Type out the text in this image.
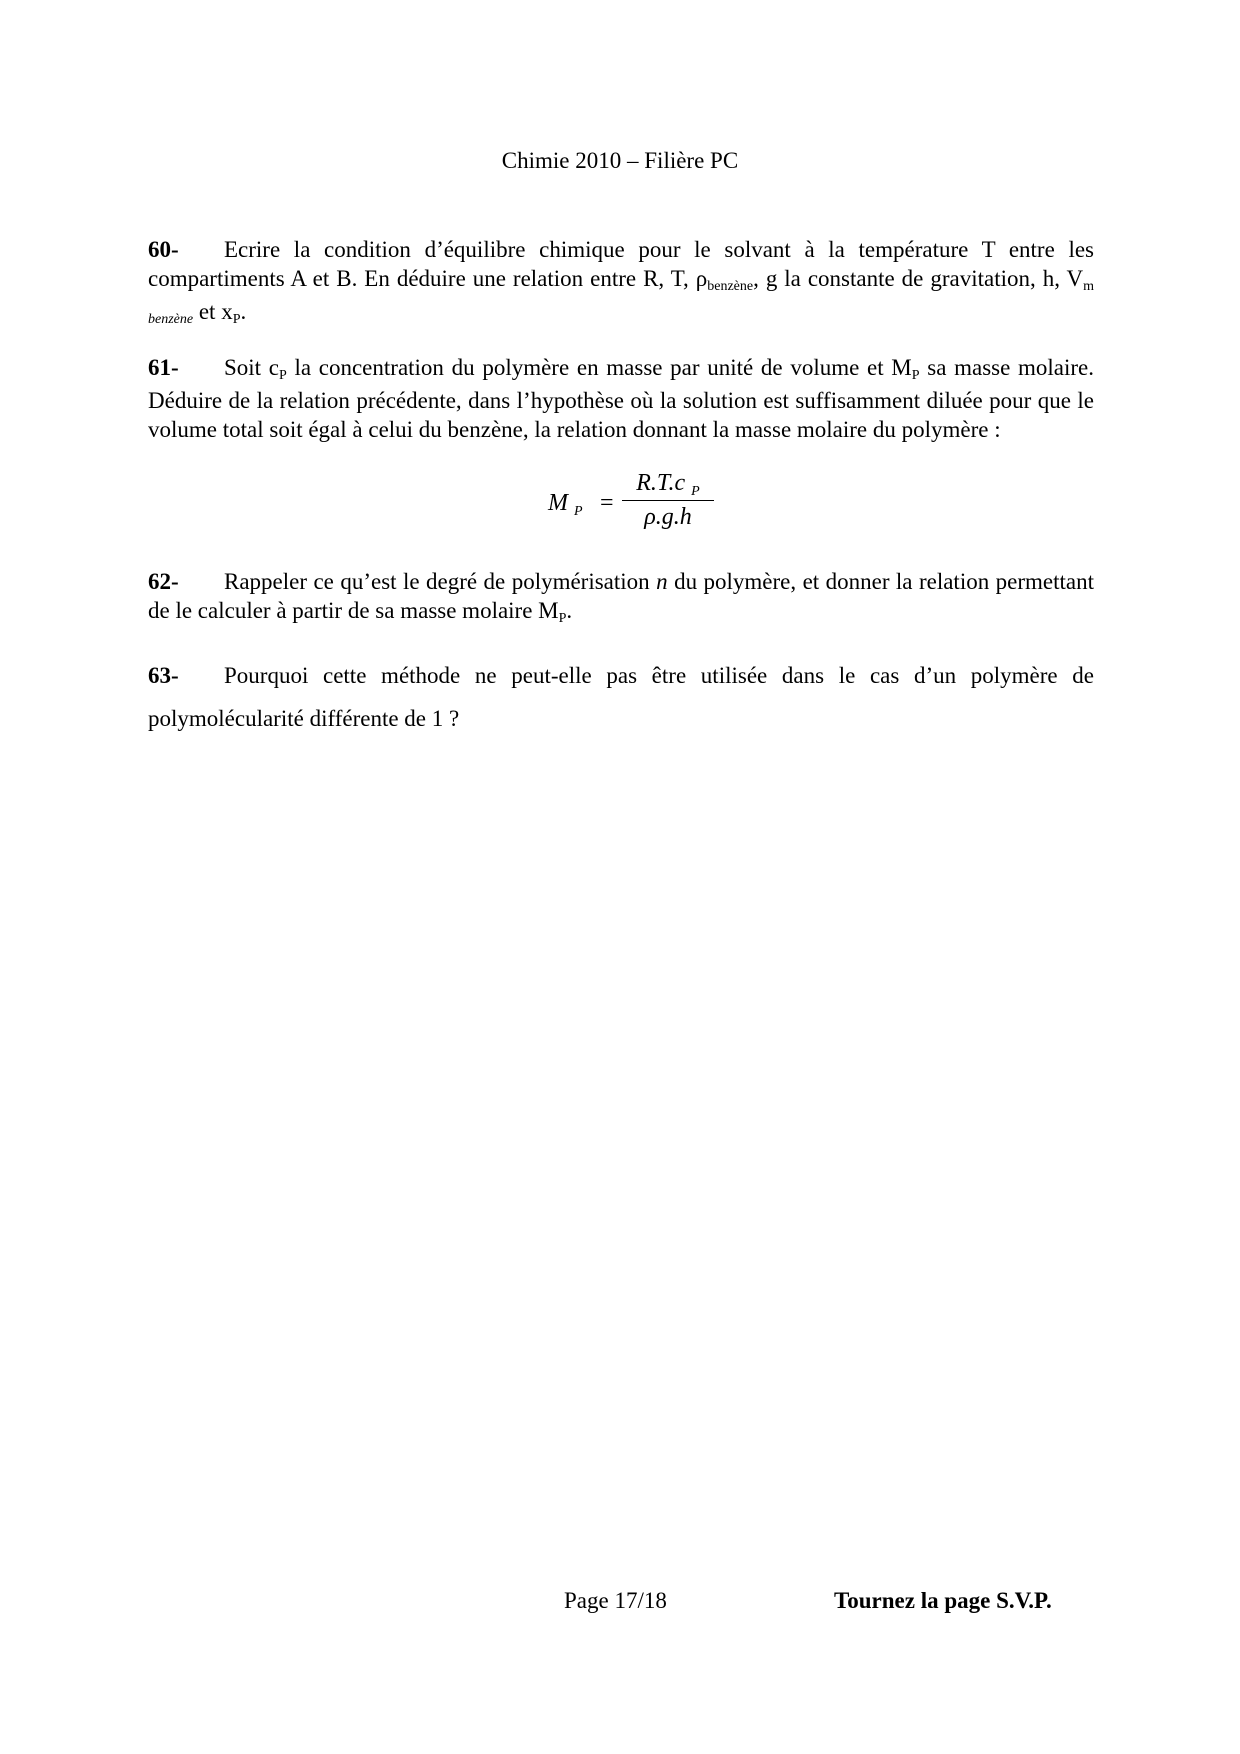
Chimie 2010 – Filière PC
60- Ecrire la condition d’équilibre chimique pour le solvant à la température T entre les compartiments A et B. En déduire une relation entre R, T, ρbenzène, g la constante de gravitation, h, Vm benzène et xP.
61- Soit cP la concentration du polymère en masse par unité de volume et MP sa masse molaire. Déduire de la relation précédente, dans l’hypothèse où la solution est suffisamment diluée pour que le volume total soit égal à celui du benzène, la relation donnant la masse molaire du polymère :
M $_P$ =
R.T.c $_P$
ρ.g.h
62- Rappeler ce qu’est le degré de polymérisation n du polymère, et donner la relation permettant de le calculer à partir de sa masse molaire MP.
63- Pourquoi cette méthode ne peut-elle pas être utilisée dans le cas d’un polymère de polymolécularité différente de 1 ?
Page 17/18	Tournez la page S.V.P.
